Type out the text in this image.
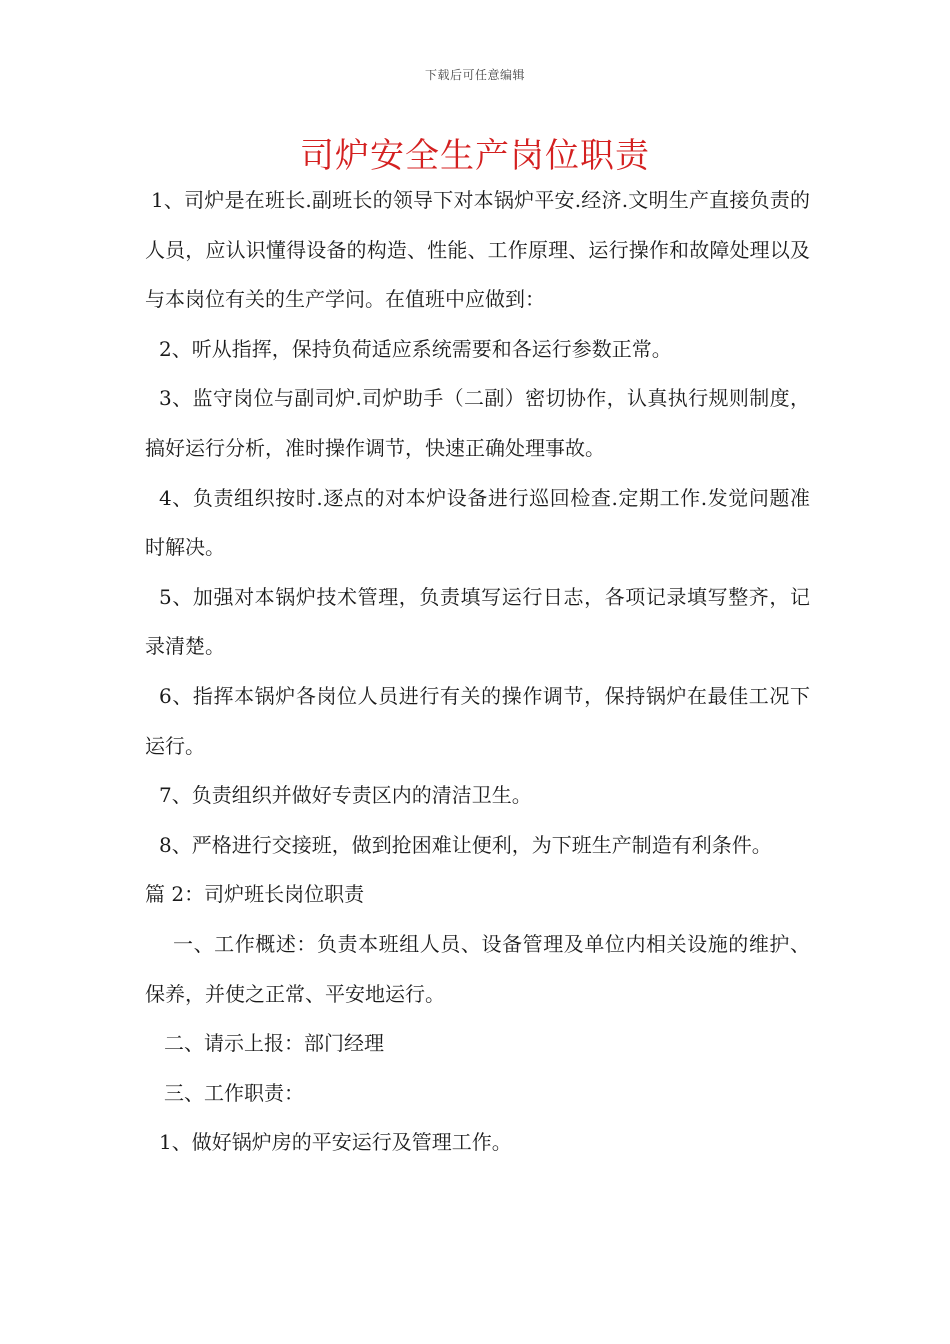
下载后可任意编辑
司炉安全生产岗位职责

1、司炉是在班长.副班长的领导下对本锅炉平安.经济.文明生产直接负责的人员，应认识懂得设备的构造、性能、工作原理、运行操作和故障处理以及与本岗位有关的生产学问。在值班中应做到：

2、听从指挥，保持负荷适应系统需要和各运行参数正常。

3、监守岗位与副司炉.司炉助手（二副）密切协作，认真执行规则制度，搞好运行分析，准时操作调节，快速正确处理事故。

4、负责组织按时.逐点的对本炉设备进行巡回检查.定期工作.发觉问题准时解决。

5、加强对本锅炉技术管理，负责填写运行日志，各项记录填写整齐，记录清楚。

6、指挥本锅炉各岗位人员进行有关的操作调节，保持锅炉在最佳工况下运行。

7、负责组织并做好专责区内的清洁卫生。

8、严格进行交接班，做到抢困难让便利，为下班生产制造有利条件。

篇 2：司炉班长岗位职责

一、工作概述：负责本班组人员、设备管理及单位内相关设施的维护、保养，并使之正常、平安地运行。

二、请示上报：部门经理

三、工作职责：

1、做好锅炉房的平安运行及管理工作。
